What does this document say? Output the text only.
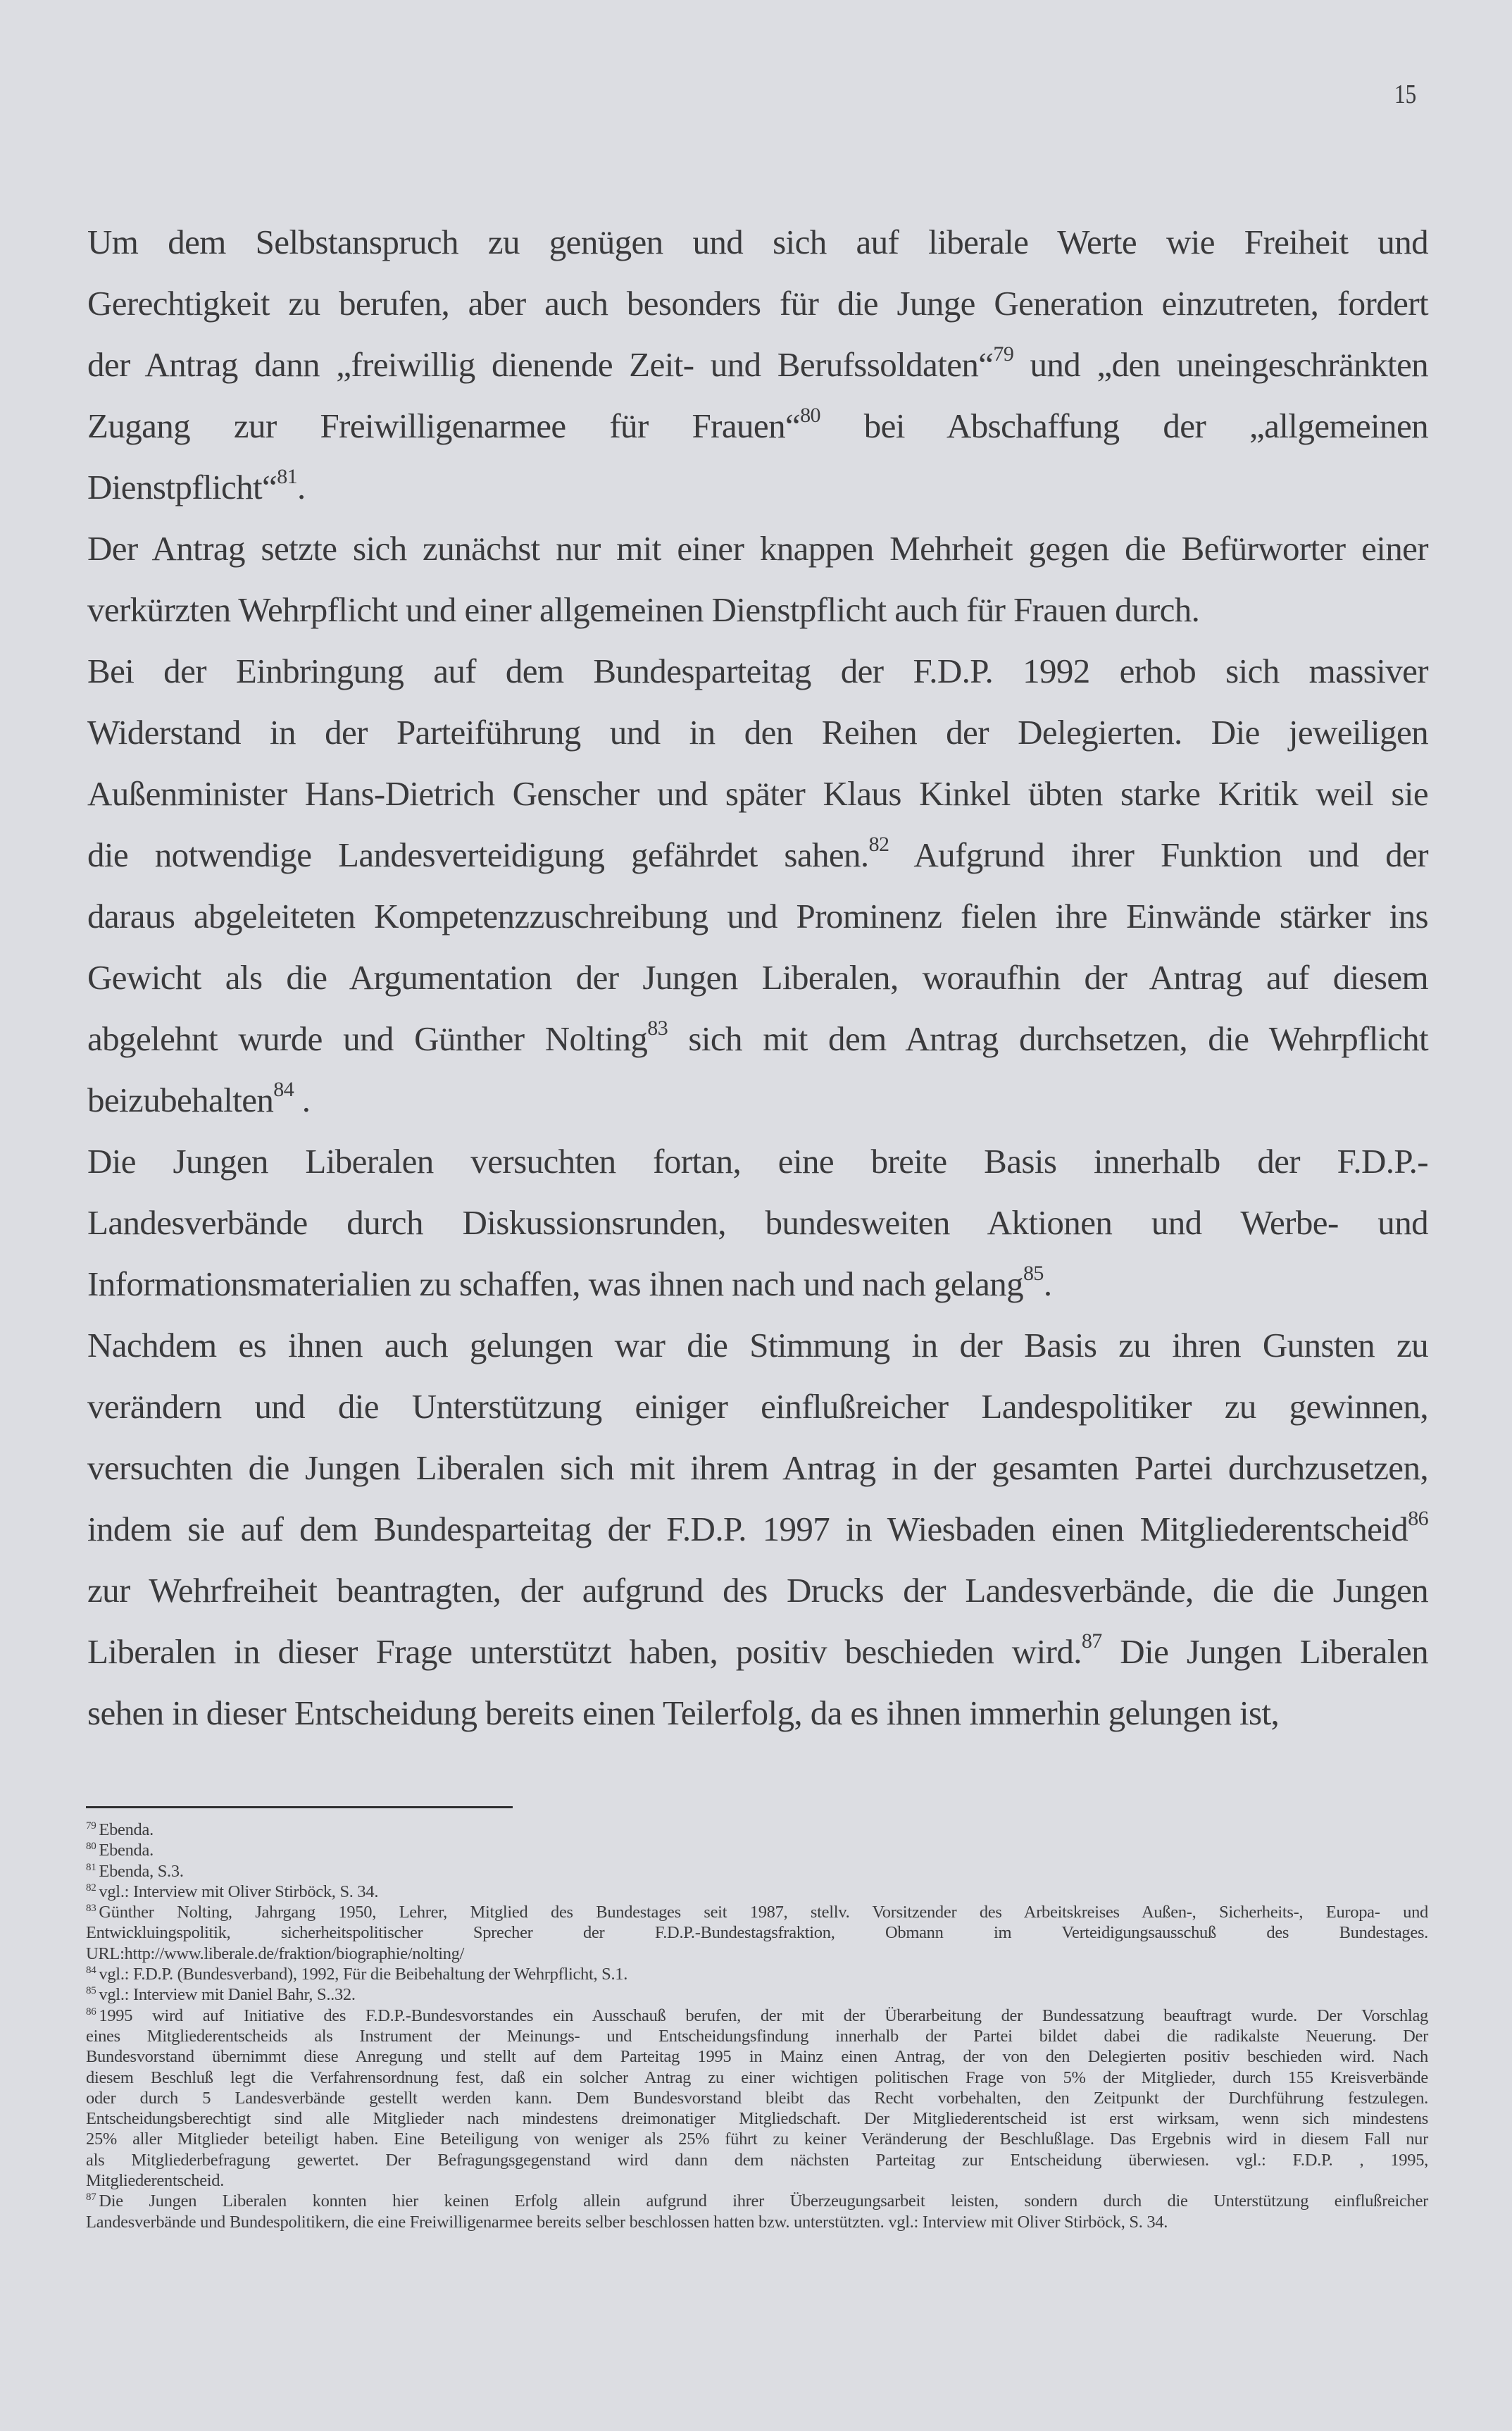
15
Um dem Selbstanspruch zu genügen und sich auf liberale Werte wie Freiheit und
Gerechtigkeit zu berufen, aber auch besonders für die Junge Generation einzutreten, fordert
der Antrag dann „freiwillig dienende Zeit- und Berufssoldaten“$^{79}$ und „den uneingeschränkten
Zugang zur Freiwilligenarmee für Frauen“$^{80}$ bei Abschaffung der „allgemeinen
Dienstpflicht“$^{81}$.
Der Antrag setzte sich zunächst nur mit einer knappen Mehrheit gegen die Befürworter einer
verkürzten Wehrpflicht und einer allgemeinen Dienstpflicht auch für Frauen durch.
Bei der Einbringung auf dem Bundesparteitag der F.D.P. 1992 erhob sich massiver
Widerstand in der Parteiführung und in den Reihen der Delegierten. Die jeweiligen
Außenminister Hans-Dietrich Genscher und später Klaus Kinkel übten starke Kritik weil sie
die notwendige Landesverteidigung gefährdet sahen.$^{82}$ Aufgrund ihrer Funktion und der
daraus abgeleiteten Kompetenzzuschreibung und Prominenz fielen ihre Einwände stärker ins
Gewicht als die Argumentation der Jungen Liberalen, woraufhin der Antrag auf diesem
abgelehnt wurde und Günther Nolting$^{83}$ sich mit dem Antrag durchsetzen, die Wehrpflicht
beizubehalten$^{84}$ .
Die Jungen Liberalen versuchten fortan, eine breite Basis innerhalb der F.D.P.-
Landesverbände durch Diskussionsrunden, bundesweiten Aktionen und Werbe- und
Informationsmaterialien zu schaffen, was ihnen nach und nach gelang$^{85}$.
Nachdem es ihnen auch gelungen war die Stimmung in der Basis zu ihren Gunsten zu
verändern und die Unterstützung einiger einflußreicher Landespolitiker zu gewinnen,
versuchten die Jungen Liberalen sich mit ihrem Antrag in der gesamten Partei durchzusetzen,
indem sie auf dem Bundesparteitag der F.D.P. 1997 in Wiesbaden einen Mitgliederentscheid$^{86}$
zur Wehrfreiheit beantragten, der aufgrund des Drucks der Landesverbände, die die Jungen
Liberalen in dieser Frage unterstützt haben, positiv beschieden wird.$^{87}$ Die Jungen Liberalen
sehen in dieser Entscheidung bereits einen Teilerfolg, da es ihnen immerhin gelungen ist,
$^{79}$ Ebenda.
$^{80}$ Ebenda.
$^{81}$ Ebenda, S.3.
$^{82}$ vgl.: Interview mit Oliver Stirböck, S. 34.
$^{83}$ Günther Nolting, Jahrgang 1950, Lehrer, Mitglied des Bundestages seit 1987, stellv. Vorsitzender des Arbeitskreises Außen-, Sicherheits-, Europa- und
Entwickluingspolitik, sicherheitspolitischer Sprecher der F.D.P.-Bundestagsfraktion, Obmann im Verteidigungsausschuß des Bundestages.
URL:http://www.liberale.de/fraktion/biographie/nolting/
$^{84}$ vgl.: F.D.P. (Bundesverband), 1992, Für die Beibehaltung der Wehrpflicht, S.1.
$^{85}$ vgl.: Interview mit Daniel Bahr, S..32.
$^{86}$ 1995 wird auf Initiative des F.D.P.-Bundesvorstandes ein Ausschauß berufen, der mit der Überarbeitung der Bundessatzung beauftragt wurde. Der Vorschlag
eines Mitgliederentscheids als Instrument der Meinungs- und Entscheidungsfindung innerhalb der Partei bildet dabei die radikalste Neuerung. Der
Bundesvorstand übernimmt diese Anregung und stellt auf dem Parteitag 1995 in Mainz einen Antrag, der von den Delegierten positiv beschieden wird. Nach
diesem Beschluß legt die Verfahrensordnung fest, daß ein solcher Antrag zu einer wichtigen politischen Frage von 5% der Mitglieder, durch 155 Kreisverbände
oder durch 5 Landesverbände gestellt werden kann. Dem Bundesvorstand bleibt das Recht vorbehalten, den Zeitpunkt der Durchführung festzulegen.
Entscheidungsberechtigt sind alle Mitglieder nach mindestens dreimonatiger Mitgliedschaft. Der Mitgliederentscheid ist erst wirksam, wenn sich mindestens
25% aller Mitglieder beteiligt haben. Eine Beteiligung von weniger als 25% führt zu keiner Veränderung der Beschlußlage. Das Ergebnis wird in diesem Fall nur
als Mitgliederbefragung gewertet. Der Befragungsgegenstand wird dann dem nächsten Parteitag zur Entscheidung überwiesen. vgl.: F.D.P. , 1995,
Mitgliederentscheid.
$^{87}$ Die Jungen Liberalen konnten hier keinen Erfolg allein aufgrund ihrer Überzeugungsarbeit leisten, sondern durch die Unterstützung einflußreicher
Landesverbände und Bundespolitikern, die eine Freiwilligenarmee bereits selber beschlossen hatten bzw. unterstützten. vgl.: Interview mit Oliver Stirböck, S. 34.
